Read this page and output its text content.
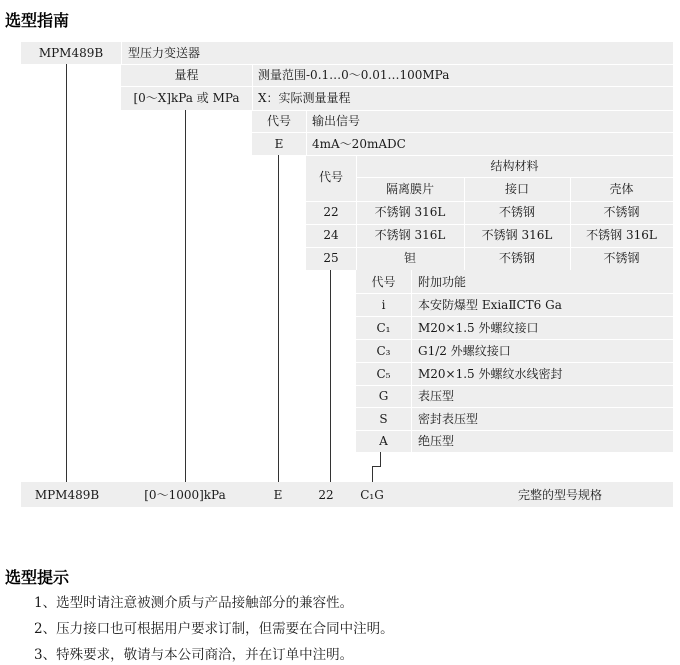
选型指南
MPM489B	型压力变送器
量程	测量范围-0.1…0～0.01…100MPa
[0～X]kPa 或 MPa	X：实际测量量程
代号	输出信号
E	4mA～20mADC
代号
结构材料
隔离膜片	接口	壳体
22	不锈钢 316L	不锈钢	不锈钢
24	不锈钢 316L	不锈钢 316L	不锈钢 316L
25	钽	不锈钢	不锈钢
代号	附加功能
i	本安防爆型 ExiaⅡCT6 Ga
C₁	M20×1.5 外螺纹接口
C₃	G1/2 外螺纹接口
C₅	M20×1.5 外螺纹水线密封
G	表压型
S	密封表压型
A	绝压型
MPM489B	[0～1000]kPa	E	22	C₁G	完整的型号规格
选型提示
1、选型时请注意被测介质与产品接触部分的兼容性。
2、压力接口也可根据用户要求订制，但需要在合同中注明。
3、特殊要求，敬请与本公司商洽，并在订单中注明。
